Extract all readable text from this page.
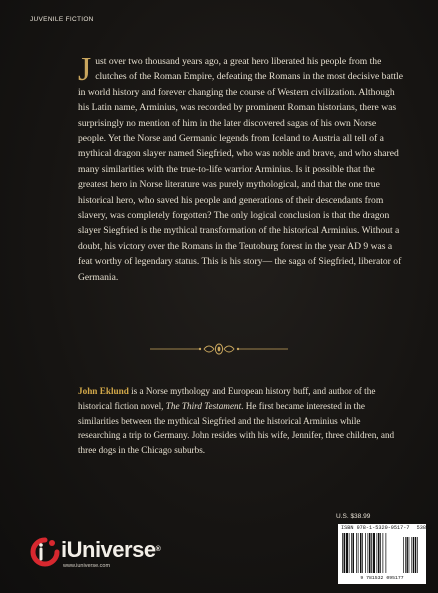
JUVENILE FICTION

Just over two thousand years ago, a great hero liberated his people from the clutches of the Roman Empire, defeating the Romans in the most decisive battle in world history and forever changing the course of Western civilization. Although his Latin name, Arminius, was recorded by prominent Roman historians, there was surprisingly no mention of him in the later discovered sagas of his own Norse people. Yet the Norse and Germanic legends from Iceland to Austria all tell of a mythical dragon slayer named Siegfried, who was noble and brave, and who shared many similarities with the true-to-life warrior Arminius. Is it possible that the greatest hero in Norse literature was purely mythological, and that the one true historical hero, who saved his people and generations of their descendants from slavery, was completely forgotten? The only logical conclusion is that the dragon slayer Siegfried is the mythical transformation of the historical Arminius. Without a doubt, his victory over the Romans in the Teutoburg forest in the year AD 9 was a feat worthy of legendary status. This is his story— the saga of Siegfried, liberator of Germania.

John Eklund is a Norse mythology and European history buff, and author of the historical fiction novel, The Third Testament. He first became interested in the similarities between the mythical Siegfried and the historical Arminius while researching a trip to Germany. John resides with his wife, Jennifer, three children, and three dogs in the Chicago suburbs.

iUniverse®
www.iuniverse.com
U.S. $38.99
ISBN 978-1-5320-9517-7 53899
9 781532 095177
